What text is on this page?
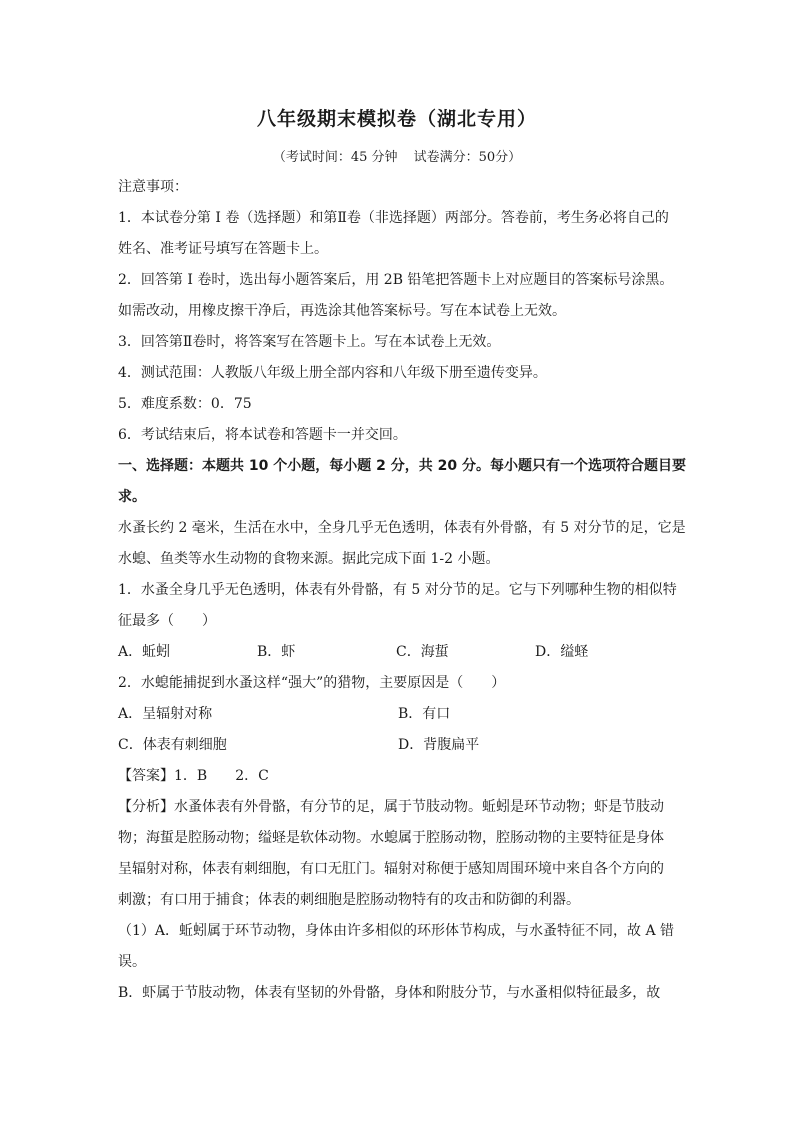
八年级期末模拟卷（湖北专用）
（考试时间：45 分钟 试卷满分：50分）
注意事项：
1．本试卷分第 I 卷（选择题）和第Ⅱ卷（非选择题）两部分。答卷前，考生务必将自己的
姓名、准考证号填写在答题卡上。
2．回答第 I 卷时，选出每小题答案后，用 2B 铅笔把答题卡上对应题目的答案标号涂黑。
如需改动，用橡皮擦干净后，再选涂其他答案标号。写在本试卷上无效。
3．回答第Ⅱ卷时，将答案写在答题卡上。写在本试卷上无效。
4．测试范围：人教版八年级上册全部内容和八年级下册至遗传变异。
5．难度系数：0．75
6．考试结束后，将本试卷和答题卡一并交回。
一、选择题：本题共 10 个小题，每小题 2 分，共 20 分。每小题只有一个选项符合题目要
求。
水蚤长约 2 毫米，生活在水中，全身几乎无色透明，体表有外骨骼，有 5 对分节的足，它是
水螅、鱼类等水生动物的食物来源。据此完成下面 1-2 小题。
1．水蚤全身几乎无色透明，体表有外骨骼，有 5 对分节的足。它与下列哪种生物的相似特
征最多（　　）
A．蚯蚓	B．虾	C．海蜇	D．缢蛏
2．水螅能捕捉到水蚤这样“强大”的猎物，主要原因是（　　）
A．呈辐射对称	B．有口
C．体表有刺细胞	D．背腹扁平
【答案】1．B　　2．C
【分析】水蚤体表有外骨骼，有分节的足，属于节肢动物。蚯蚓是环节动物；虾是节肢动
物；海蜇是腔肠动物；缢蛏是软体动物。水螅属于腔肠动物，腔肠动物的主要特征是身体
呈辐射对称，体表有刺细胞，有口无肛门。辐射对称便于感知周围环境中来自各个方向的
刺激；有口用于捕食；体表的刺细胞是腔肠动物特有的攻击和防御的利器。
（1）A．蚯蚓属于环节动物，身体由许多相似的环形体节构成，与水蚤特征不同，故 A 错
误。
B．虾属于节肢动物，体表有坚韧的外骨骼，身体和附肢分节，与水蚤相似特征最多，故
